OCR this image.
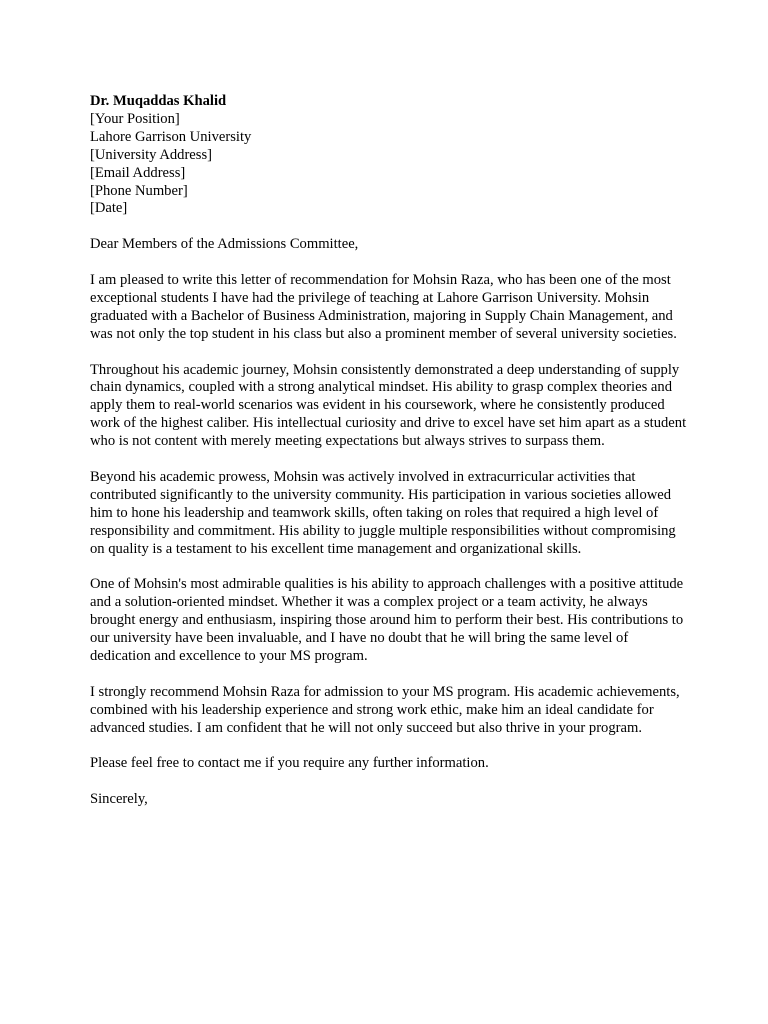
Dr. Muqaddas Khalid
[Your Position]
Lahore Garrison University
[University Address]
[Email Address]
[Phone Number]
[Date]

Dear Members of the Admissions Committee,

I am pleased to write this letter of recommendation for Mohsin Raza, who has been one of the most exceptional students I have had the privilege of teaching at Lahore Garrison University. Mohsin graduated with a Bachelor of Business Administration, majoring in Supply Chain Management, and was not only the top student in his class but also a prominent member of several university societies.

Throughout his academic journey, Mohsin consistently demonstrated a deep understanding of supply chain dynamics, coupled with a strong analytical mindset. His ability to grasp complex theories and apply them to real-world scenarios was evident in his coursework, where he consistently produced work of the highest caliber. His intellectual curiosity and drive to excel have set him apart as a student who is not content with merely meeting expectations but always strives to surpass them.

Beyond his academic prowess, Mohsin was actively involved in extracurricular activities that contributed significantly to the university community. His participation in various societies allowed him to hone his leadership and teamwork skills, often taking on roles that required a high level of responsibility and commitment. His ability to juggle multiple responsibilities without compromising on quality is a testament to his excellent time management and organizational skills.

One of Mohsin's most admirable qualities is his ability to approach challenges with a positive attitude and a solution-oriented mindset. Whether it was a complex project or a team activity, he always brought energy and enthusiasm, inspiring those around him to perform their best. His contributions to our university have been invaluable, and I have no doubt that he will bring the same level of dedication and excellence to your MS program.

I strongly recommend Mohsin Raza for admission to your MS program. His academic achievements, combined with his leadership experience and strong work ethic, make him an ideal candidate for advanced studies. I am confident that he will not only succeed but also thrive in your program.

Please feel free to contact me if you require any further information.

Sincerely,
